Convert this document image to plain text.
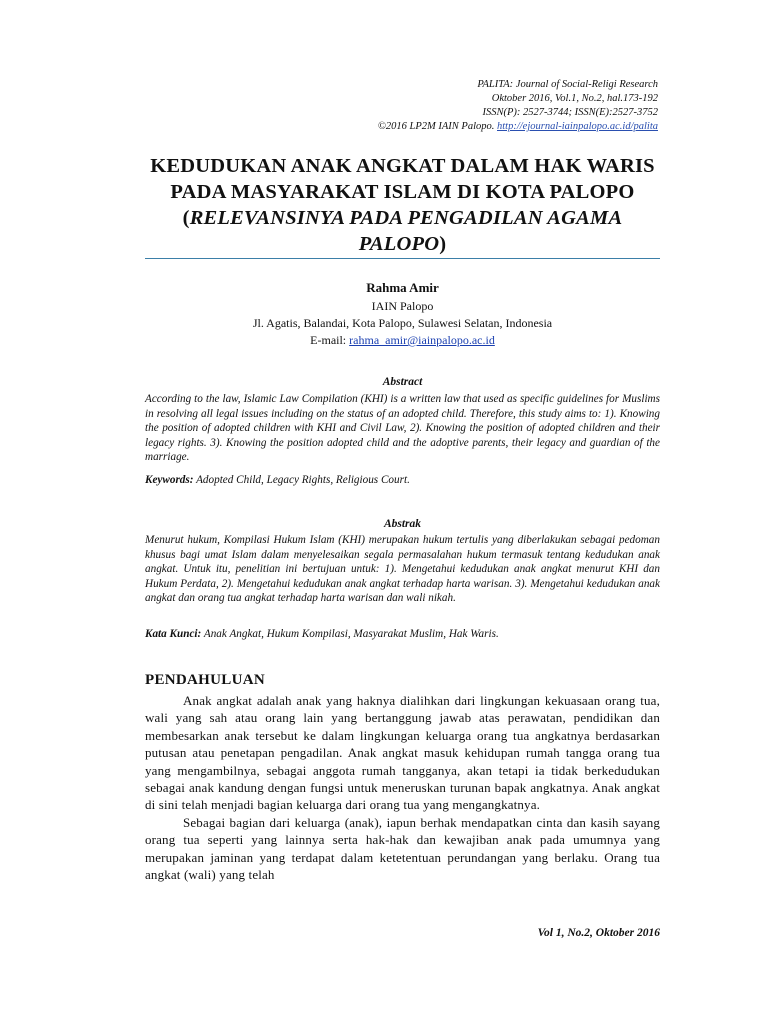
PALITA: Journal of Social-Religi Research
Oktober 2016, Vol.1, No.2, hal.173-192
ISSN(P): 2527-3744; ISSN(E):2527-3752
©2016 LP2M IAIN Palopo. http://ejournal-iainpalopo.ac.id/palita
KEDUDUKAN ANAK ANGKAT DALAM HAK WARIS
PADA MASYARAKAT ISLAM DI KOTA PALOPO
(RELEVANSINYA PADA PENGADILAN AGAMA PALOPO)
Rahma Amir
IAIN Palopo
Jl. Agatis, Balandai, Kota Palopo, Sulawesi Selatan, Indonesia
E-mail: rahma_amir@iainpalopo.ac.id
Abstract
According to the law, Islamic Law Compilation (KHI) is a written law that used as specific guidelines for Muslims in resolving all legal issues including on the status of an adopted child. Therefore, this study aims to: 1). Knowing the position of adopted children with KHI and Civil Law, 2). Knowing the position of adopted children and their legacy rights. 3). Knowing the position adopted child and the adoptive parents, their legacy and guardian of the marriage.
Keywords: Adopted Child, Legacy Rights, Religious Court.
Abstrak
Menurut hukum, Kompilasi Hukum Islam (KHI) merupakan hukum tertulis yang diberlakukan sebagai pedoman khusus bagi umat Islam dalam menyelesaikan segala permasalahan hukum termasuk tentang kedudukan anak angkat. Untuk itu, penelitian ini bertujuan untuk: 1). Mengetahui kedudukan anak angkat menurut KHI dan Hukum Perdata, 2). Mengetahui kedudukan anak angkat terhadap harta warisan. 3). Mengetahui kedudukan anak angkat dan orang tua angkat terhadap harta warisan dan wali nikah.
Kata Kunci: Anak Angkat, Hukum Kompilasi, Masyarakat Muslim, Hak Waris.
PENDAHULUAN

Anak angkat adalah anak yang haknya dialihkan dari lingkungan kekuasaan orang tua, wali yang sah atau orang lain yang bertanggung jawab atas perawatan, pendidikan dan membesarkan anak tersebut ke dalam lingkungan keluarga orang tua angkatnya berdasarkan putusan atau penetapan pengadilan. Anak angkat masuk kehidupan rumah tangga orang tua yang mengambilnya, sebagai anggota rumah tangganya, akan tetapi ia tidak berkedudukan sebagai anak kandung dengan fungsi untuk meneruskan turunan bapak angkatnya. Anak angkat di sini telah menjadi bagian keluarga dari orang tua yang mengangkatnya.

Sebagai bagian dari keluarga (anak), iapun berhak mendapatkan cinta dan kasih sayang orang tua seperti yang lainnya serta hak-hak dan kewajiban anak pada umumnya yang merupakan jaminan yang terdapat dalam ketetentuan perundangan yang berlaku. Orang tua angkat (wali) yang telah

Vol 1, No.2, Oktober 2016
